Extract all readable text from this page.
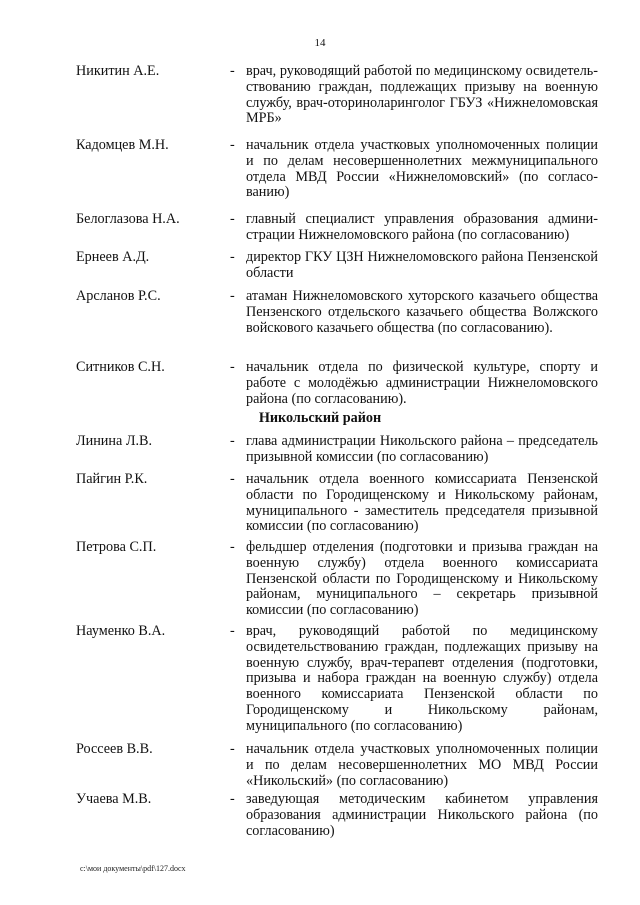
14
Никитин А.Е.	- врач, руководящий работой по медицинскому освидетельствованию граждан, подлежащих призыву на военную службу, врач-оториноларинголог ГБУЗ «Нижнеломовская МРБ»
Кадомцев М.Н.	- начальник отдела участковых уполномоченных полиции и по делам несовершеннолетних межмуниципального отдела МВД России «Нижнеломовский» (по согласованию)
Белоглазова Н.А.	- главный специалист управления образования администрации Нижнеломовского района (по согласованию)
Ернеев А.Д.	- директор ГКУ ЦЗН Нижнеломовского района Пензенской области
Арсланов Р.С.	- атаман Нижнеломовского хуторского казачьего общества Пензенского отдельского казачьего общества Волжского войскового казачьего общества (по согласованию).
Ситников С.Н.	- начальник отдела по физической культуре, спорту и работе с молодёжью администрации Нижнеломовского района (по согласованию).
Никольский район
Линина Л.В.	- глава администрации Никольского района – председатель призывной комиссии (по согласованию)
Пайгин Р.К.	- начальник отдела военного комиссариата Пензенской области по Городищенскому и Никольскому районам, муниципального - заместитель председателя призывной комиссии (по согласованию)
Петрова С.П.	- фельдшер отделения (подготовки и призыва граждан на военную службу) отдела военного комиссариата Пензенской области по Городищенскому и Никольскому районам, муниципального – секретарь призывной комиссии (по согласованию)
Науменко В.А.	- врач, руководящий работой по медицинскому освидетельствованию граждан, подлежащих призыву на военную службу, врач-терапевт отделения (подготовки, призыва и набора граждан на военную службу) отдела военного комиссариата Пензенской области по Городищенскому и Никольскому районам, муниципального (по согласованию)
Россеев В.В.	- начальник отдела участковых уполномоченных полиции и по делам несовершеннолетних МО МВД России «Никольский» (по согласованию)
Учаева М.В.	- заведующая методическим кабинетом управления образования администрации Никольского района (по согласованию)
c:\мои документы\pdf\127.docx
